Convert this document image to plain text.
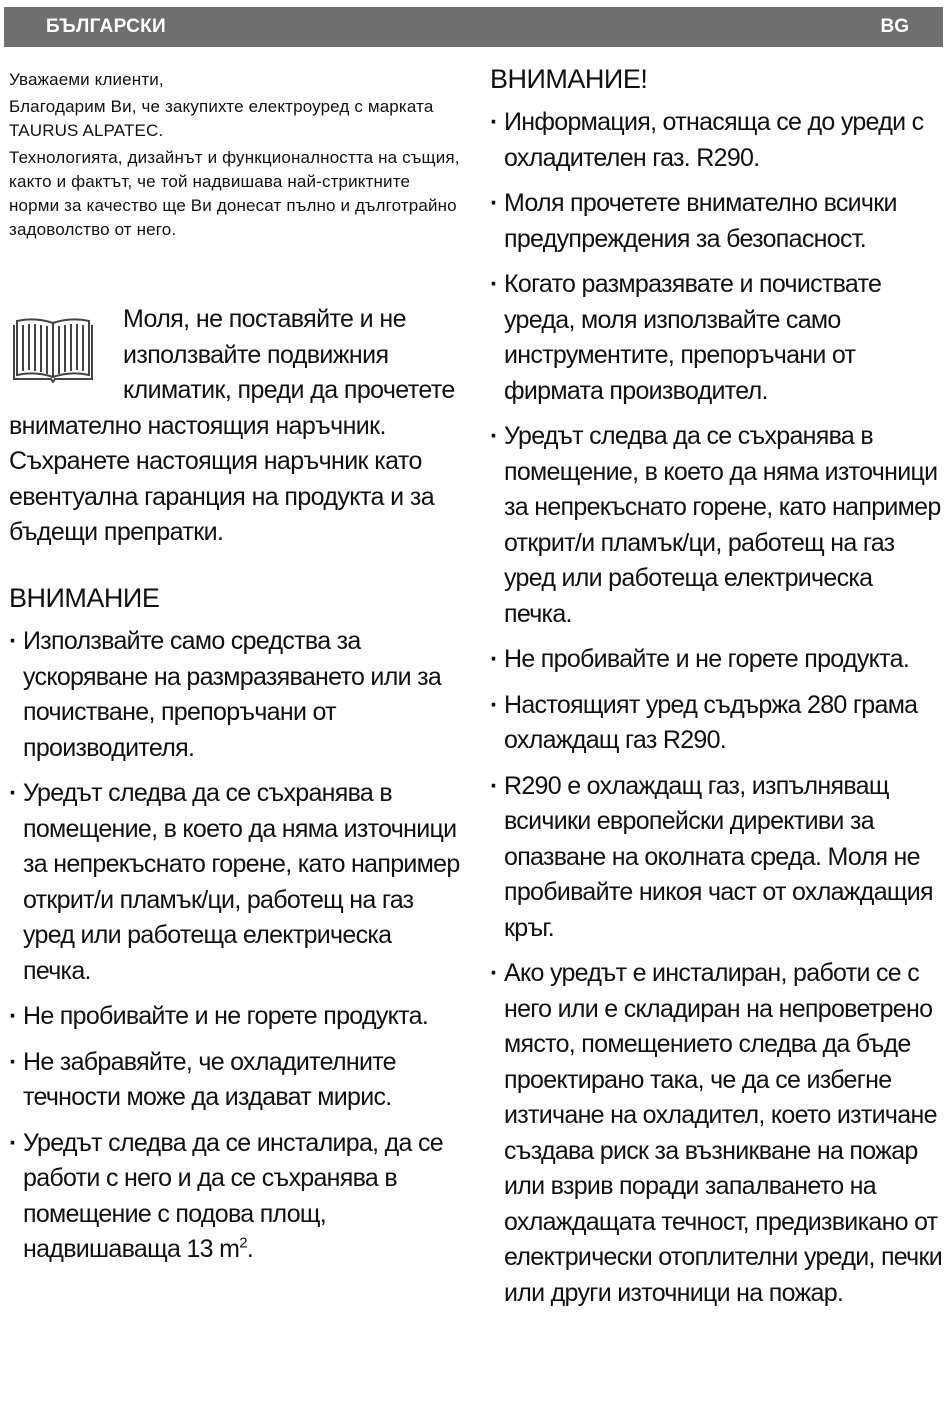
БЪЛГАРСКИ	BG

Уважаеми клиенти,

Благодарим Ви, че закупихте електроуред с марката TAURUS ALPATEC.

Технологията, дизайнът и функционалността на същия, както и фактът, че той надвишава най-стриктните норми за качество ще Ви донесат пълно и дълготрайно задоволство от него.

Моля, не поставяйте и не използвайте подвижния климатик, преди да прочетете внимателно настоящия наръчник. Съхранете настоящия наръчник като евентуална гаранция на продукта и за бъдещи препратки.
ВНИМАНИЕ
· Използвайте само средства за ускоряване на размразяването или за почистване, препоръчани от производителя.
· Уредът следва да се съхранява в помещение, в което да няма източници за непрекъснато горене, като например открит/и пламък/ци, работещ на газ уред или работеща електрическа печка.
· Не пробивайте и не горете продукта.
· Не забравяйте, че охладителните течности може да издават мирис.
· Уредът следва да се инсталира, да се работи с него и да се съхранява в помещение с подова площ, надвишаваща 13 $m^2$.
ВНИМАНИЕ!
· Информация, отнасяща се до уреди с охладителен газ. R290.
· Моля прочетете внимателно всички предупреждения за безопасност.
· Когато размразявате и почиствате уреда, моля използвайте само инструментите, препоръчани от фирмата производител.
· Уредът следва да се съхранява в помещение, в което да няма източници за непрекъснато горене, като например открит/и пламък/ци, работещ на газ уред или работеща електрическа печка.
· Не пробивайте и не горете продукта.
· Настоящият уред съдържа 280 грама охлаждащ газ R290.
· R290 е охлаждащ газ, изпълняващ всичики европейски директиви за опазване на околната среда. Моля не пробивайте никоя част от охлаждащия кръг.
· Ако уредът е инсталиран, работи се с него или е складиран на непроветрено място, помещението следва да бъде проектирано така, че да се избегне изтичане на охладител, което изтичане създава риск за възникване на пожар или взрив поради запалването на охлаждащата течност, предизвикано от електрически отоплителни уреди, печки или други източници на пожар.
